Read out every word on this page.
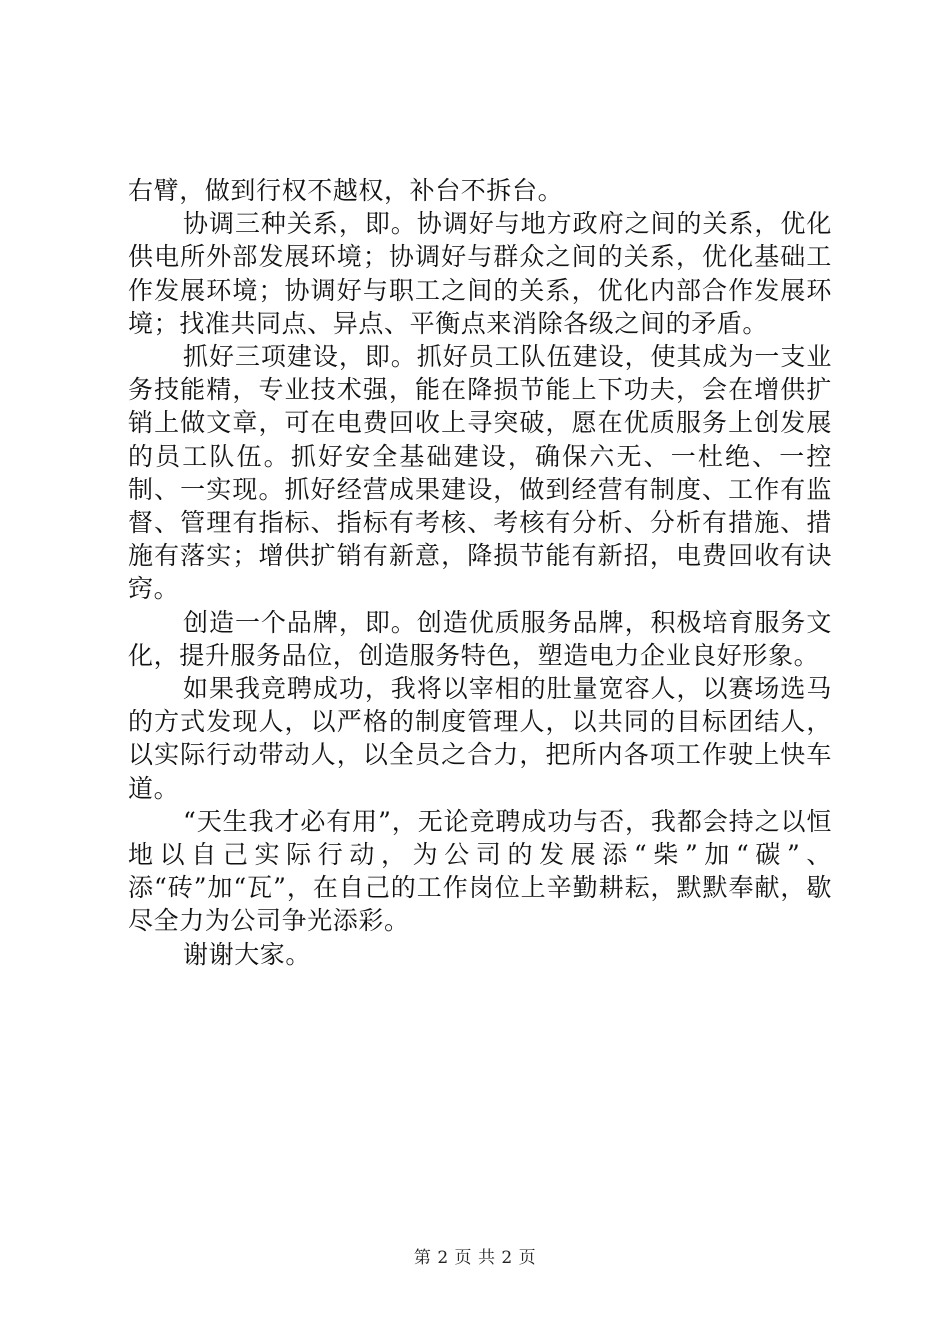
右臂，做到行权不越权，补台不拆台。

协调三种关系，即。协调好与地方政府之间的关系，优化供电所外部发展环境；协调好与群众之间的关系，优化基础工作发展环境；协调好与职工之间的关系，优化内部合作发展环境；找准共同点、异点、平衡点来消除各级之间的矛盾。

抓好三项建设，即。抓好员工队伍建设，使其成为一支业务技能精，专业技术强，能在降损节能上下功夫，会在增供扩销上做文章，可在电费回收上寻突破，愿在优质服务上创发展的员工队伍。抓好安全基础建设，确保六无、一杜绝、一控制、一实现。抓好经营成果建设，做到经营有制度、工作有监督、管理有指标、指标有考核、考核有分析、分析有措施、措施有落实；增供扩销有新意，降损节能有新招，电费回收有诀窍。

创造一个品牌，即。创造优质服务品牌，积极培育服务文化，提升服务品位，创造服务特色，塑造电力企业良好形象。

如果我竞聘成功，我将以宰相的肚量宽容人，以赛场选马的方式发现人，以严格的制度管理人，以共同的目标团结人，以实际行动带动人，以全员之合力，把所内各项工作驶上快车道。

“天生我才必有用”，无论竞聘成功与否，我都会持之以恒地以自己实际行动，为公司的发展添“柴”加“碳”、添“砖”加“瓦”，在自己的工作岗位上辛勤耕耘，默默奉献，歇尽全力为公司争光添彩。

谢谢大家。

第 2 页 共 2 页
